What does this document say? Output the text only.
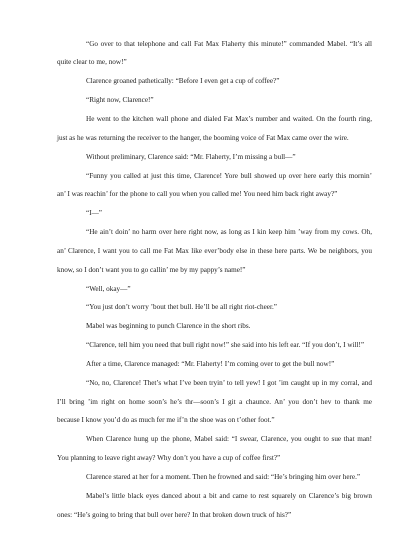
“Go over to that telephone and call Fat Max Flaherty this minute!” commanded Mabel. “It’s all
quite clear to me, now!”
Clarence groaned pathetically: “Before I even get a cup of coffee?”
“Right now, Clarence!”
He went to the kitchen wall phone and dialed Fat Max’s number and waited. On the fourth ring,
just as he was returning the receiver to the hanger, the booming voice of Fat Max came over the wire.
Without preliminary, Clarence said: “Mr. Flaherty, I’m missing a bull—”
“Funny you called at just this time, Clarence! Yore bull showed up over here early this mornin’
an’ I was reachin’ for the phone to call you when you called me! You need him back right away?”
“I—”
“He ain’t doin’ no harm over here right now, as long as I kin keep him ’way from my cows. Oh,
an’ Clarence, I want you to call me Fat Max like ever’body else in these here parts. We be neighbors, you
know, so I don’t want you to go callin’ me by my pappy’s name!”
“Well, okay—”
“You just don’t worry ’bout thet bull. He’ll be all right riot-cheer.”
Mabel was beginning to punch Clarence in the short ribs.
“Clarence, tell him you need that bull right now!” she said into his left ear. “If you don’t, I will!”
After a time, Clarence managed: “Mr. Flaherty! I’m coming over to get the bull now!”
“No, no, Clarence! Thet’s what I’ve been tryin’ to tell yew! I got ’im caught up in my corral, and
I’ll bring ’im right on home soon’s he’s thr—soon’s I git a chaunce. An’ you don’t hev to thank me
because I know you’d do as much fer me if’n the shoe was on t’other foot.”
When Clarence hung up the phone, Mabel said: “I swear, Clarence, you ought to sue that man!
You planning to leave right away? Why don’t you have a cup of coffee first?”
Clarence stared at her for a moment. Then he frowned and said: “He’s bringing him over here.”
Mabel’s little black eyes danced about a bit and came to rest squarely on Clarence’s big brown
ones: “He’s going to bring that bull over here? In that broken down truck of his?”
